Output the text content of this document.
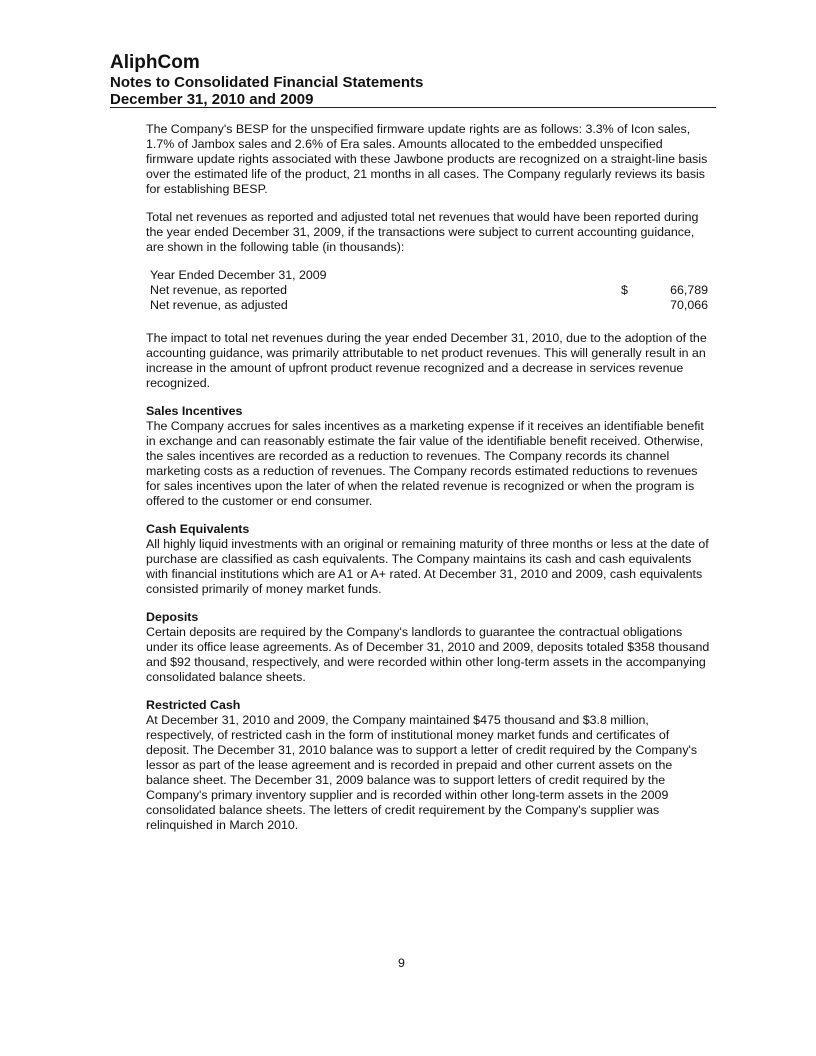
AliphCom
Notes to Consolidated Financial Statements
December 31, 2010 and 2009

The Company's BESP for the unspecified firmware update rights are as follows: 3.3% of Icon sales, 1.7% of Jambox sales and 2.6% of Era sales. Amounts allocated to the embedded unspecified firmware update rights associated with these Jawbone products are recognized on a straight-line basis over the estimated life of the product, 21 months in all cases. The Company regularly reviews its basis for establishing BESP.

Total net revenues as reported and adjusted total net revenues that would have been reported during the year ended December 31, 2009, if the transactions were subject to current accounting guidance, are shown in the following table (in thousands):

Year Ended December 31, 2009
Net revenue, as reported	$	66,789
Net revenue, as adjusted	70,066

The impact to total net revenues during the year ended December 31, 2010, due to the adoption of the accounting guidance, was primarily attributable to net product revenues. This will generally result in an increase in the amount of upfront product revenue recognized and a decrease in services revenue recognized.

Sales Incentives
The Company accrues for sales incentives as a marketing expense if it receives an identifiable benefit in exchange and can reasonably estimate the fair value of the identifiable benefit received. Otherwise, the sales incentives are recorded as a reduction to revenues. The Company records its channel marketing costs as a reduction of revenues. The Company records estimated reductions to revenues for sales incentives upon the later of when the related revenue is recognized or when the program is offered to the customer or end consumer.
Cash Equivalents
All highly liquid investments with an original or remaining maturity of three months or less at the date of purchase are classified as cash equivalents. The Company maintains its cash and cash equivalents with financial institutions which are A1 or A+ rated. At December 31, 2010 and 2009, cash equivalents consisted primarily of money market funds.
Deposits
Certain deposits are required by the Company's landlords to guarantee the contractual obligations under its office lease agreements. As of December 31, 2010 and 2009, deposits totaled $358 thousand and $92 thousand, respectively, and were recorded within other long-term assets in the accompanying consolidated balance sheets.
Restricted Cash
At December 31, 2010 and 2009, the Company maintained $475 thousand and $3.8 million, respectively, of restricted cash in the form of institutional money market funds and certificates of deposit. The December 31, 2010 balance was to support a letter of credit required by the Company's lessor as part of the lease agreement and is recorded in prepaid and other current assets on the balance sheet. The December 31, 2009 balance was to support letters of credit required by the Company's primary inventory supplier and is recorded within other long-term assets in the 2009 consolidated balance sheets. The letters of credit requirement by the Company's supplier was relinquished in March 2010.
9
